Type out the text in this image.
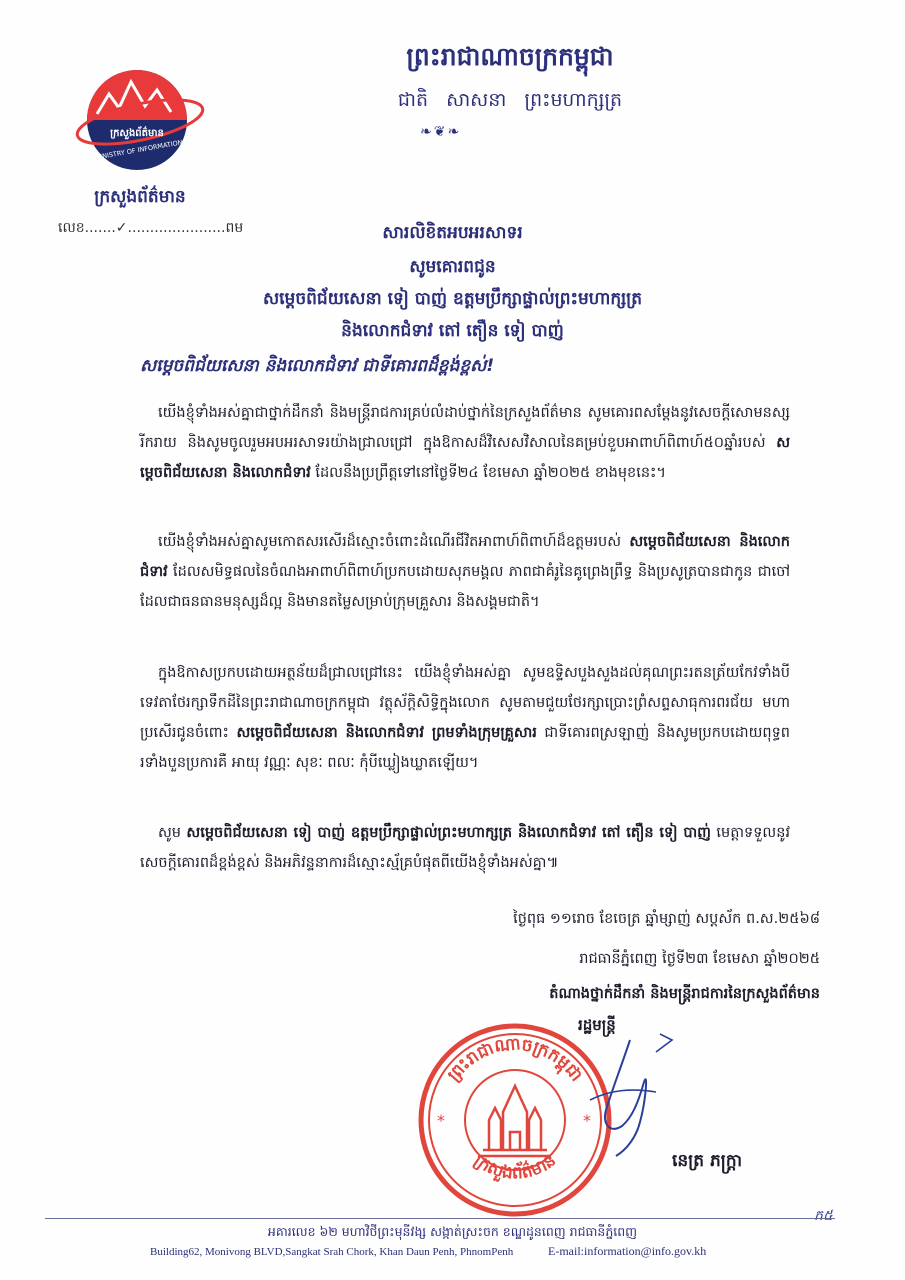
ព្រះរាជាណាចក្រកម្ពុជា
ជាតិ សាសនា ព្រះមហាក្សត្រ
❧❦❧
ក្រសួងព័ត៌មាន
MINISTRY OF INFORMATION
ក្រសួងព័ត៌មាន
លេខ.......✓......................ពម	សារលិខិតអបអរសាទរ
សូមគោរពជូន
សម្តេចពិជ័យសេនា ទៀ បាញ់ ឧត្តមប្រឹក្សាផ្ទាល់ព្រះមហាក្សត្រ
និងលោកជំទាវ តៅ តឿន ទៀ បាញ់
សម្តេចពិជ័យសេនា និងលោកជំទាវ ជាទីគោរពដ៏ខ្ពង់ខ្ពស់!
យើងខ្ញុំទាំងអស់គ្នាជាថ្នាក់ដឹកនាំ និងមន្ត្រីរាជការគ្រប់លំដាប់ថ្នាក់នៃក្រសួងព័ត៌មាន សូមគោរពសម្តែងនូវសេចក្តីសោមនស្សរីករាយ និងសូមចូលរួមអបអរសាទរយ៉ាងជ្រាលជ្រៅ ក្នុងឱកាសដ៏វិសេសវិសាលនៃគម្រប់ខួបអាពាហ៍ពិពាហ៍៥០ឆ្នាំរបស់ សម្តេចពិជ័យសេនា និងលោកជំទាវ ដែលនឹងប្រព្រឹត្តទៅនៅថ្ងៃទី២៤ ខែមេសា ឆ្នាំ២០២៥ ខាងមុខនេះ។
យើងខ្ញុំទាំងអស់គ្នាសូមកោតសរសើរដ៏ស្មោះចំពោះដំណើរជីវិតអាពាហ៍ពិពាហ៍ដ៏ឧត្តមរបស់ សម្តេចពិជ័យសេនា និងលោកជំទាវ ដែលសមិទ្ធផលនៃចំណងអាពាហ៍ពិពាហ៍ប្រកបដោយសុភមង្គល ភាពជាគំរូនៃគូព្រេងព្រឹទ្ធ និងប្រសូត្របានជាកូន ជាចៅ ដែលជាធនធានមនុស្សដ៏ល្អ និងមានតម្លៃសម្រាប់ក្រុមគ្រួសារ និងសង្គមជាតិ។
ក្នុងឱកាសប្រកបដោយអត្ថន័យដ៏ជ្រាលជ្រៅនេះ យើងខ្ញុំទាំងអស់គ្នា សូមឧទ្ទិសបួងសួងដល់គុណព្រះរតនត្រ័យកែវទាំងបី ទេវតាថែរក្សាទឹកដីនៃព្រះរាជាណាចក្រកម្ពុជា វត្ថុស័ក្តិសិទ្ធិក្នុងលោក សូមតាមជួយថែរក្សាប្រោះព្រំសព្ទសាធុការពរជ័យ មហាប្រសើរជូនចំពោះ សម្តេចពិជ័យសេនា និងលោកជំទាវ ព្រមទាំងក្រុមគ្រួសារ ជាទីគោរពស្រឡាញ់ និងសូមប្រកបដោយពុទ្ធពរទាំងបួនប្រការគឺ អាយុ វណ្ណៈ សុខៈ ពលៈ កុំបីឃ្លៀងឃ្លាតឡើយ។
សូម សម្តេចពិជ័យសេនា ទៀ បាញ់ ឧត្តមប្រឹក្សាផ្ទាល់ព្រះមហាក្សត្រ និងលោកជំទាវ តៅ តឿន ទៀ បាញ់ មេត្តាទទួលនូវសេចក្តីគោរពដ៏ខ្ពង់ខ្ពស់ និងអភិវន្ទនាការដ៏ស្មោះស្ម័គ្របំផុតពីយើងខ្ញុំទាំងអស់គ្នា៕
ថ្ងៃពុធ ១១រោច ខែចេត្រ ឆ្នាំម្សាញ់ សប្តស័ក ព.ស.២៥៦៨
រាជធានីភ្នំពេញ ថ្ងៃទី២៣ ខែមេសា ឆ្នាំ២០២៥
តំណាងថ្នាក់ដឹកនាំ និងមន្ត្រីរាជការនៃក្រសួងព័ត៌មាន
រដ្ឋមន្ត្រី
ព្រះរាជាណាចក្រកម្ពុជា
ក្រសួងព័ត៌មាន
*	*
នេត្រ ភក្ត្រា
ក៥
អគារលេខ ៦២ មហាវិថីព្រះមុនីវង្ស សង្កាត់ស្រះចក ខណ្ឌដូនពេញ រាជធានីភ្នំពេញ
Building62, Monivong BLVD,Sangkat Srah Chork, Khan Daun Penh, PhnomPenh	E-mail:information@info.gov.kh
